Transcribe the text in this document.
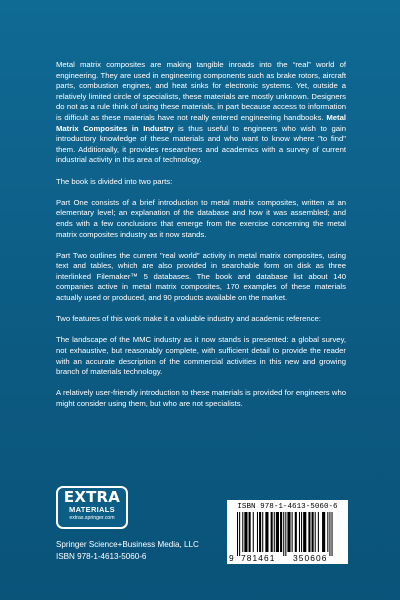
Metal matrix composites are making tangible inroads into the “real” world of engineering. They are used in engineering components such as brake rotors, aircraft parts, combustion engines, and heat sinks for electronic systems. Yet, outside a relatively limited circle of specialists, these materials are mostly unknown. Designers do not as a rule think of using these materials, in part because access to information is difficult as these materials have not really entered engineering handbooks. Metal Matrix Composites in Industry is thus useful to engineers who wish to gain introductory knowledge of these materials and who want to know where "to find" them. Additionally, it provides researchers and academics with a survey of current industrial activity in this area of technology.

The book is divided into two parts:

Part One consists of a brief introduction to metal matrix composites, written at an elementary level; an explanation of the database and how it was assembled; and ends with a few conclusions that emerge from the exercise concerning the metal matrix composites industry as it now stands.

Part Two outlines the current "real world" activity in metal matrix composites, using text and tables, which are also provided in searchable form on disk as three interlinked Filemaker™ 5 databases. The book and database list about 140 companies active in metal matrix composites, 170 examples of these materials actually used or produced, and 90 products available on the market.

Two features of this work make it a valuable industry and academic reference:

The landscape of the MMC industry as it now stands is presented: a global survey, not exhaustive, but reasonably complete, with sufficient detail to provide the reader with an accurate description of the commercial activities in this new and growing branch of materials technology.

A relatively user-friendly introduction to these materials is provided for engineers who might consider using them, but who are not specialists.

EXTRA
MATERIALS
extras.springer.com
Springer Science+Business Media, LLC
ISBN 978-1-4613-5060-6
ISBN 978-1-4613-5060-6
9 781461 350606
